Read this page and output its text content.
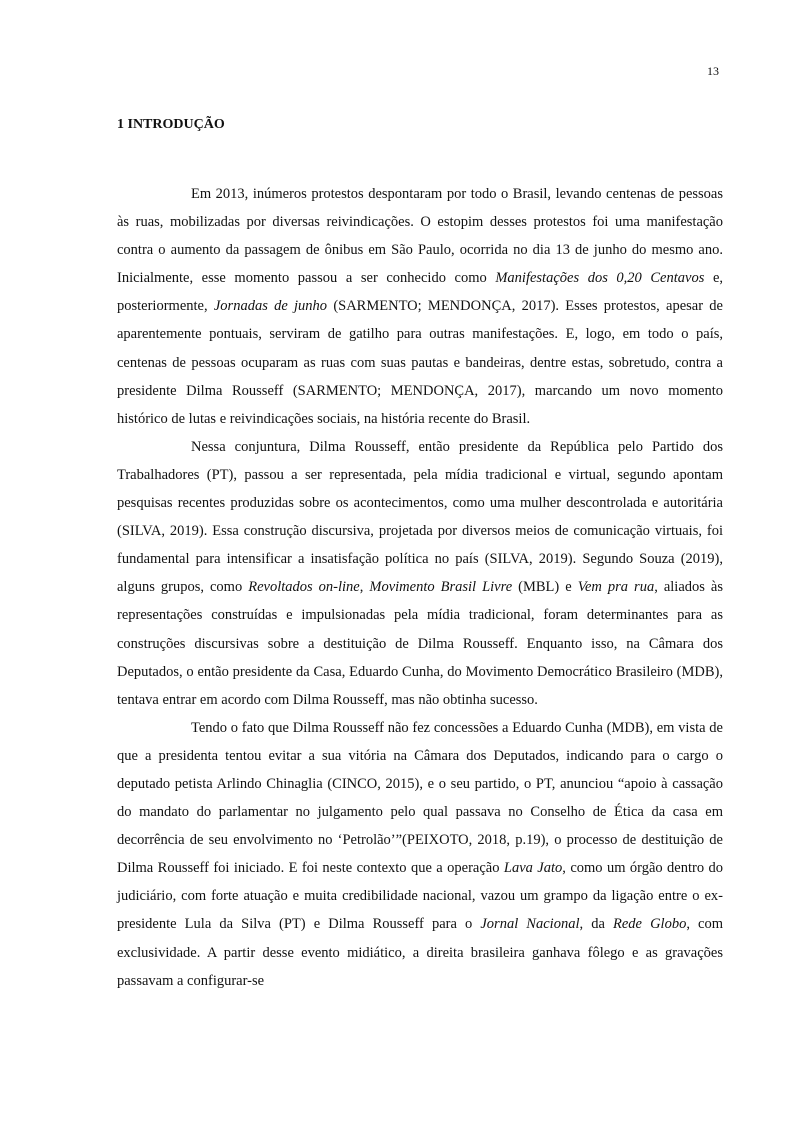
13
1 INTRODUÇÃO

Em 2013, inúmeros protestos despontaram por todo o Brasil, levando centenas de pessoas às ruas, mobilizadas por diversas reivindicações. O estopim desses protestos foi uma manifestação contra o aumento da passagem de ônibus em São Paulo, ocorrida no dia 13 de junho do mesmo ano. Inicialmente, esse momento passou a ser conhecido como Manifestações dos 0,20 Centavos e, posteriormente, Jornadas de junho (SARMENTO; MENDONÇA, 2017). Esses protestos, apesar de aparentemente pontuais, serviram de gatilho para outras manifestações. E, logo, em todo o país, centenas de pessoas ocuparam as ruas com suas pautas e bandeiras, dentre estas, sobretudo, contra a presidente Dilma Rousseff (SARMENTO; MENDONÇA, 2017), marcando um novo momento histórico de lutas e reivindicações sociais, na história recente do Brasil.

Nessa conjuntura, Dilma Rousseff, então presidente da República pelo Partido dos Trabalhadores (PT), passou a ser representada, pela mídia tradicional e virtual, segundo apontam pesquisas recentes produzidas sobre os acontecimentos, como uma mulher descontrolada e autoritária (SILVA, 2019). Essa construção discursiva, projetada por diversos meios de comunicação virtuais, foi fundamental para intensificar a insatisfação política no país (SILVA, 2019). Segundo Souza (2019), alguns grupos, como Revoltados on-line, Movimento Brasil Livre (MBL) e Vem pra rua, aliados às representações construídas e impulsionadas pela mídia tradicional, foram determinantes para as construções discursivas sobre a destituição de Dilma Rousseff. Enquanto isso, na Câmara dos Deputados, o então presidente da Casa, Eduardo Cunha, do Movimento Democrático Brasileiro (MDB), tentava entrar em acordo com Dilma Rousseff, mas não obtinha sucesso.

Tendo o fato que Dilma Rousseff não fez concessões a Eduardo Cunha (MDB), em vista de que a presidenta tentou evitar a sua vitória na Câmara dos Deputados, indicando para o cargo o deputado petista Arlindo Chinaglia (CINCO, 2015), e o seu partido, o PT, anunciou “apoio à cassação do mandato do parlamentar no julgamento pelo qual passava no Conselho de Ética da casa em decorrência de seu envolvimento no ‘Petrolão’”(PEIXOTO, 2018, p.19), o processo de destituição de Dilma Rousseff foi iniciado. E foi neste contexto que a operação Lava Jato, como um órgão dentro do judiciário, com forte atuação e muita credibilidade nacional, vazou um grampo da ligação entre o ex-presidente Lula da Silva (PT) e Dilma Rousseff para o Jornal Nacional, da Rede Globo, com exclusividade. A partir desse evento midiático, a direita brasileira ganhava fôlego e as gravações passavam a configurar-se
